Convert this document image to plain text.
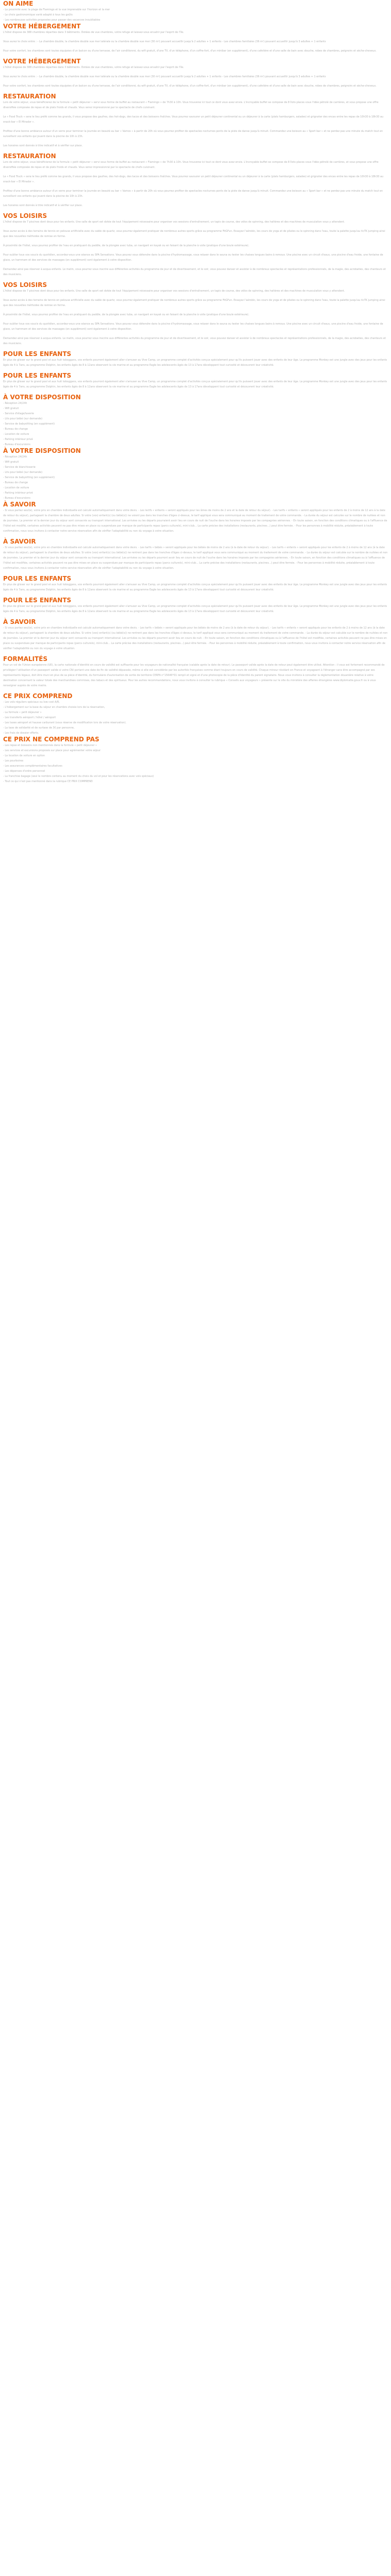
ON AIME
- La proximité avec la plage de Flamingo et la vue imprenable sur l'horizon et la mer
- Le choix gastronomique varié adapté à tous les goûts
- Les nombreuses activités proposées pour passer des vacances inoubliables
VOTRE HÉBERGEMENT

L'hôtel dispose de 388 chambres réparties dans 3 bâtiments. Dotées de vue chambres, votre refuge et laissez-vous envahir par l'esprit de l'île.

Vous aurez le choix entre : - La chambre double, la chambre double vue mer latérale ou la chambre double vue mer (30 m²) pouvant accueillir jusqu'à 2 adultes + 1 enfants - Les chambres familiales (36 m²) pouvant accueillir jusqu'à 3 adultes + 1 enfants

Pour votre confort, les chambres sont toutes équipées d'un balcon ou d'une terrasse, de l'air conditionné, du wifi gratuit, d'une TV, d'un téléphone, d'un coffre-fort, d'un minibar (en supplément), d'une cafetière et d'une salle de bain avec douche, robes de chambres, peignoirs et sèche-cheveux.

VOTRE HÉBERGEMENT

L'hôtel dispose de 388 chambres réparties dans 3 bâtiments. Dotées de vue chambres, votre refuge et laissez-vous envahir par l'esprit de l'île.

Vous aurez le choix entre : - La chambre double, la chambre double vue mer latérale ou la chambre double vue mer (30 m²) pouvant accueillir jusqu'à 2 adultes + 1 enfants - Les chambres familiales (36 m²) pouvant accueillir jusqu'à 3 adultes + 1 enfants

Pour votre confort, les chambres sont toutes équipées d'un balcon ou d'une terrasse, de l'air conditionné, du wifi gratuit, d'une TV, d'un téléphone, d'un coffre-fort, d'un minibar (en supplément), d'une cafetière et d'une salle de bain avec douche, robes de chambres, peignoirs et sèche-cheveux.

RESTAURATION

Lors de votre séjour, vous bénéficierez de la formule « petit déjeuner » servi sous forme de buffet au restaurant « Flamingo » de 7h30 à 10h. Vous trouverez ici tout ce dont vous avez envie. L'incroyable buffet se compose de 8 îlots places vous l'idée pétrolé de carrières, et vous propose une offre diversifiée composée de repas et de plats froids et chauds. Vous serez impressionné par le spectacle de chefs cuisinant.

Le « Food Truck » sera le lieu préfé comme les grands, il vous propose des gaufres, des hot-dogs, des tacos et des boissons fraîches. Vous pourrez savourer un petit déjeuner continental ou un déjeuner à la carte (plats hamburgers, salades) et grignoter des encas entre les repas de 10h30 à 18h30 au snack-bar « El Mirador ».

Profitez d'une bonne ambiance autour d'un verre pour terminer la journée en beauté au bar « Vamos » à partir de 20h où vous pourrez profiter de spectacles nocturnes ponts de la piste de danse jusqu'à minuit. Commandez une boisson au « Sport bar » et ne perdez pas une minute du match tout en surveillant vos enfants qui jouent dans la piscine de 10h à 23h.

Les horaires sont donnés à titre indicatif et à vérifier sur place.

RESTAURATION

Lors de votre séjour, vous bénéficierez de la formule « petit déjeuner » servi sous forme de buffet au restaurant « Flamingo » de 7h30 à 10h. Vous trouverez ici tout ce dont vous avez envie. L'incroyable buffet se compose de 8 îlots places vous l'idée pétrolé de carrières, et vous propose une offre diversifiée composée de repas et de plats froids et chauds. Vous serez impressionné par le spectacle de chefs cuisinant.

Le « Food Truck » sera le lieu préfé comme les grands, il vous propose des gaufres, des hot-dogs, des tacos et des boissons fraîches. Vous pourrez savourer un petit déjeuner continental ou un déjeuner à la carte (plats hamburgers, salades) et grignoter des encas entre les repas de 10h30 à 18h30 au snack-bar « El Mirador ».

Profitez d'une bonne ambiance autour d'un verre pour terminer la journée en beauté au bar « Vamos » à partir de 20h où vous pourrez profiter de spectacles nocturnes ponts de la piste de danse jusqu'à minuit. Commandez une boisson au « Sport bar » et ne perdez pas une minute du match tout en surveillant vos enfants qui jouent dans la piscine de 10h à 23h.

Les horaires sont donnés à titre indicatif et à vérifier sur place.

VOS LOISIRS

L'hôtel dispose de 7 piscines dont deux pour les enfants. Une salle de sport est dotée de tout l'équipement nécessaire pour organiser vos sessions d'entraînement, un tapis de course, des vélos de spinning, des haltères et des machines de musculation vous y attendent.

Vous aurez accès à des terrains de tennis en pelouse artificielle avec du sable de quartz, vous pourrez également pratiquer de nombreux autres sports grâce au programme FitGFun. Essayez l'aérobic, les cours de yoga et de pilates ou le spinning dans l'eau, toute la palette jusqu'au ticTK jumping ainsi que des nouvelles méthodes de remise en forme.

À proximité de l'hôtel, vous pourrez profiter de l'eau en pratiquant du paddle, de la plongée avec tuba, un navigant en kayak ou en faisant de la planche à voile (pratique d'une boule extérieure).

Pour oublier tous vos soucis du quotidien, accordez-vous une séance au SPA Sensations. Vous pouvez vous détendre dans la piscine d'hydromassage, vous relaxer dans le sauna ou tester les chaises longues bains à remous. Une piscine avec un circuit d'eaux, une piscine d'eau froide, une fontaine de glace, un hammam et des services de massages (en supplément) sont également à votre disposition.

Demandez ainsi pas réserver à acqua enfants. Le matin, vous pourrez vous inscrire aux différentes activités du programme de jour et de divertissement, et le soir, vous pouvez danser et assister à de nombreux spectacles et représentations professionnels, de la magie, des acrobaties, des chanteurs et des musiciens.

VOS LOISIRS

L'hôtel dispose de 7 piscines dont deux pour les enfants. Une salle de sport est dotée de tout l'équipement nécessaire pour organiser vos sessions d'entraînement, un tapis de course, des vélos de spinning, des haltères et des machines de musculation vous y attendent.

Vous aurez accès à des terrains de tennis en pelouse artificielle avec du sable de quartz, vous pourrez également pratiquer de nombreux autres sports grâce au programme FitGFun. Essayez l'aérobic, les cours de yoga et de pilates ou le spinning dans l'eau, toute la palette jusqu'au ticTK jumping ainsi que des nouvelles méthodes de remise en forme.

À proximité de l'hôtel, vous pourrez profiter de l'eau en pratiquant du paddle, de la plongée avec tuba, un navigant en kayak ou en faisant de la planche à voile (pratique d'une boule extérieure).

Pour oublier tous vos soucis du quotidien, accordez-vous une séance au SPA Sensations. Vous pouvez vous détendre dans la piscine d'hydromassage, vous relaxer dans le sauna ou tester les chaises longues bains à remous. Une piscine avec un circuit d'eaux, une piscine d'eau froide, une fontaine de glace, un hammam et des services de massages (en supplément) sont également à votre disposition.

Demandez ainsi pas réserver à acqua enfants. Le matin, vous pourrez vous inscrire aux différentes activités du programme de jour et de divertissement, et le soir, vous pouvez danser et assister à de nombreux spectacles et représentations professionnels, de la magie, des acrobaties, des chanteurs et des musiciens.

POUR LES ENFANTS

En plus de glisser sur le grand pool et aux huit toboggans, vos enfants pourront également aller s'amuser au Vive Camp, un programme complet d'activités conçus spécialement pour qu'ils puissent jouer avec des enfants de leur âge. Le programme Monkey est une jungle avec des jeux pour les enfants âgés de 4 à 7ans, au programme Dolphin, les enfants âgés de 8 à 12ans observent la vie marine et au programme Eagle les adolescents âgés de 13 à 17ans développent tout curiosité et découvrent leur créativité.

POUR LES ENFANTS

En plus de glisser sur le grand pool et aux huit toboggans, vos enfants pourront également aller s'amuser au Vive Camp, un programme complet d'activités conçus spécialement pour qu'ils puissent jouer avec des enfants de leur âge. Le programme Monkey est une jungle avec des jeux pour les enfants âgés de 4 à 7ans, au programme Dolphin, les enfants âgés de 8 à 12ans observent la vie marine et au programme Eagle les adolescents âgés de 13 à 17ans développent tout curiosité et découvrent leur créativité.

À VOTRE DISPOSITION
- Réception 24/24h
- Wifi gratuit
- Service d'étage/laverie
- Lits pour bébé (sur demande)
- Service de babysitting (en supplément)
- Bureau de change
- Location de voiture
- Parking intérieur privé
- Bureau d'excursions
À VOTRE DISPOSITION
- Réception 24/24h
- Wifi gratuit
- Service de blanchisserie
- Lits pour bébé (sur demande)
- Service de babysitting (en supplément)
- Bureau de change
- Location de voiture
- Parking intérieur privé
- Bureau d'excursions
À SAVOIR

- Si vous partez seul(e), votre prix en chambre individuelle est calculé automatiquement dans votre devis. - Les lectfs « enfants » seront appliqués pour les âmes de moins de 2 ans et la date de retour du séjour). - Les tarifs « enfants » seront appliqués pour les enfants de 2 à moins de 12 ans à la date de retour du séjour), partageant la chambre de deux adultes. Si votre (vos) enfant(s) (ou bébé(s)) ne voient pas dans les tranches d'âges ci-dessus, le tarif appliqué vous sera communiqué au moment de traitement de votre commande. - La durée du séjour est calculée sur le nombre de nuitées et non de journées. La premier et la dernier jour du séjour sont consacrés au transport international. Les arrivées ou les départs pourraient avoir lieu en cours de nuit de l'ouche dans les horaires imposés par les compagnies aériennes. - En toute saison, en fonction des conditions climatiques ou à l'affluence de l'hôtel est modifié, certaines activités peuvent ne pas être mises en place ou suspendues par manque de participants repas (parcs culturels), mini-club... La carte précise des installations (restaurants, piscines...) peut être fermée. - Pour les personnes à mobilité réduite, préalablement à toute confirmation, nous vous invitons à contacter notre service réservation afin de vérifier l'adaptabilité ou non du voyage à votre situation.

À SAVOIR

- Si vous partez seul(e), votre prix en chambre individuelle est calculé automatiquement dans votre devis. - Les tarifs « bébés » seront appliqués pour les bébés de moins de 2 ans (à la date de retour du séjour). - Les tarifs « enfants » seront appliqués pour les enfants de 2 à moins de 12 ans (à la date de retour du séjour), partageant la chambre de deux adultes. Si votre (vos) enfant(s) (ou bébé(s)) ne rentrent pas dans les tranches d'âges ci-dessus, le tarif appliqué vous sera communiqué au moment du traitement de votre commande. - La durée du séjour est calculée sur le nombre de nuitées et non de journées. La premier et la dernier jour du séjour sont consacrés au transport international. Les arrivées ou les départs pourront avoir lieu en cours de nuit de l'ouche dans les horaires imposés par les compagnies aériennes. - En toute saison, en fonction des conditions climatiques ou à l'affluence de l'hôtel est modifiée, certaines activités peuvent ne pas être mises en place ou suspendues par manque de participants repas (parcs culturels), mini-club... La carte précise des installations (restaurants, piscines...) peut être fermée. - Pour les personnes à mobilité réduite, préalablement à toute confirmation, nous vous invitons à contacter notre service réservation afin de vérifier l'adaptabilité ou non du voyage à votre situation.

POUR LES ENFANTS

En plus de glisser sur le grand pool et aux huit toboggans, vos enfants pourront également aller s'amuser au Vive Camp, un programme complet d'activités conçus spécialement pour qu'ils puissent jouer avec des enfants de leur âge. Le programme Monkey est une jungle avec des jeux pour les enfants âgés de 4 à 7ans, au programme Dolphin, les enfants âgés de 8 à 12ans observent la vie marine et au programme Eagle les adolescents âgés de 13 à 17ans développent tout curiosité et découvrent leur créativité.

POUR LES ENFANTS

En plus de glisser sur le grand pool et aux huit toboggans, vos enfants pourront également aller s'amuser au Vive Camp, un programme complet d'activités conçus spécialement pour qu'ils puissent jouer avec des enfants de leur âge. Le programme Monkey est une jungle avec des jeux pour les enfants âgés de 4 à 7ans, au programme Dolphin, les enfants âgés de 8 à 12ans observent la vie marine et au programme Eagle les adolescents âgés de 13 à 17ans développent tout curiosité et découvrent leur créativité.

À SAVOIR

- Si vous partez seul(e), votre prix en chambre individuelle est calculé automatiquement dans votre devis. - Les tarifs « bébés » seront appliqués pour les bébés de moins de 2 ans (à la date de retour du séjour). - Les tarifs « enfants » seront appliqués pour les enfants de 2 à moins de 12 ans (à la date de retour du séjour), partageant la chambre de deux adultes. Si votre (vos) enfant(s) (ou bébé(s)) ne rentrent pas dans les tranches d'âges ci-dessus, le tarif appliqué vous sera communiqué au moment du traitement de votre commande. - La durée du séjour est calculée sur le nombre de nuitées et non de journées. La premier et la dernier jour du séjour sont consacrés au transport international. Les arrivées ou les départs pourront avoir lieu en cours de nuit. - En toute saison, en fonction des conditions climatiques ou à l'affluence de l'hôtel est modifiée, certaines activités peuvent ne pas être mises en place ou suspendues par manque de participants repas (parcs culturels), mini-club... La carte précise des installations (restaurants, piscines...) peut être fermée. - Pour les personnes à mobilité réduite, préalablement à toute confirmation, nous vous invitons à contacter notre service réservation afin de vérifier l'adaptabilité ou non du voyage à votre situation.

FORMALITÉS

Pour un vol de l'Union européenne (UE), la carte nationale d'identité en cours de validité est suffisante pour les voyageurs de nationalité française (valable après la date de retour). Le passeport valide après la date de retour peut également être utilisé. Attention : il vous est fortement recommandé de privilégier l'utilisation d'un passeport valide si votre CNI portant une date de fin de validité dépassée, même si elle est considérée par les autorités françaises comme étant toujours en cours de validité. Chaque mineur résidant en France et voyageant à l'étranger sans être accompagné par ses représentants légaux, doit être muni en plus de sa pièce d'identité, du formulaire d'autorisation de sortie de territoire CERFA n°15646*01 rempli et signé et d'une photocopie de la pièce d'identité du parent signataire. Nous vous invitons à consulter la réglementation douanière relative à votre destination concernant la valeur totale des marchandises commises, des tabacs et des spiritueux. Pour les autres recommandations, nous vous invitons à consulter la rubrique « Conseils aux voyageurs » présente sur le site du ministère des affaires étrangères www.diplomatie.gouv.fr ou à vous renseigner auprès de votre mairie.

CE PRIX COMPREND
- Les vols réguliers spéciaux ou low cost A/R,
- L'hébergement sur la base du séjour en chambre choisie lors de la réservation,
- La formule « petit déjeuner »
- Les transferts aéroport / hôtel / aéroport
- Les taxes aéroport et hausse carburant (sous réserve de modification lors de votre réservation).
- La taxe de solidarité et de surtaxe de 3€ par personne,
- Les frais de dossier offerts.
CE PRIX NE COMPREND PAS
- Les repas et boissons non mentionnés dans la formule « petit déjeuner »
- Les services et excursions proposés sur place pour agrémenter votre séjour
- La location de voiture en option
- Les pourboires
- Les assurances complémentaires facultatives
- Les dépenses d'ordre personnel
- La franchise bagage (seul le nombre contenu au moment du choix du vol et pour les réservations avec vols spéciaux)
- Tout ce qui n'est pas mentionné dans la rubrique CE PRIX COMPREND
